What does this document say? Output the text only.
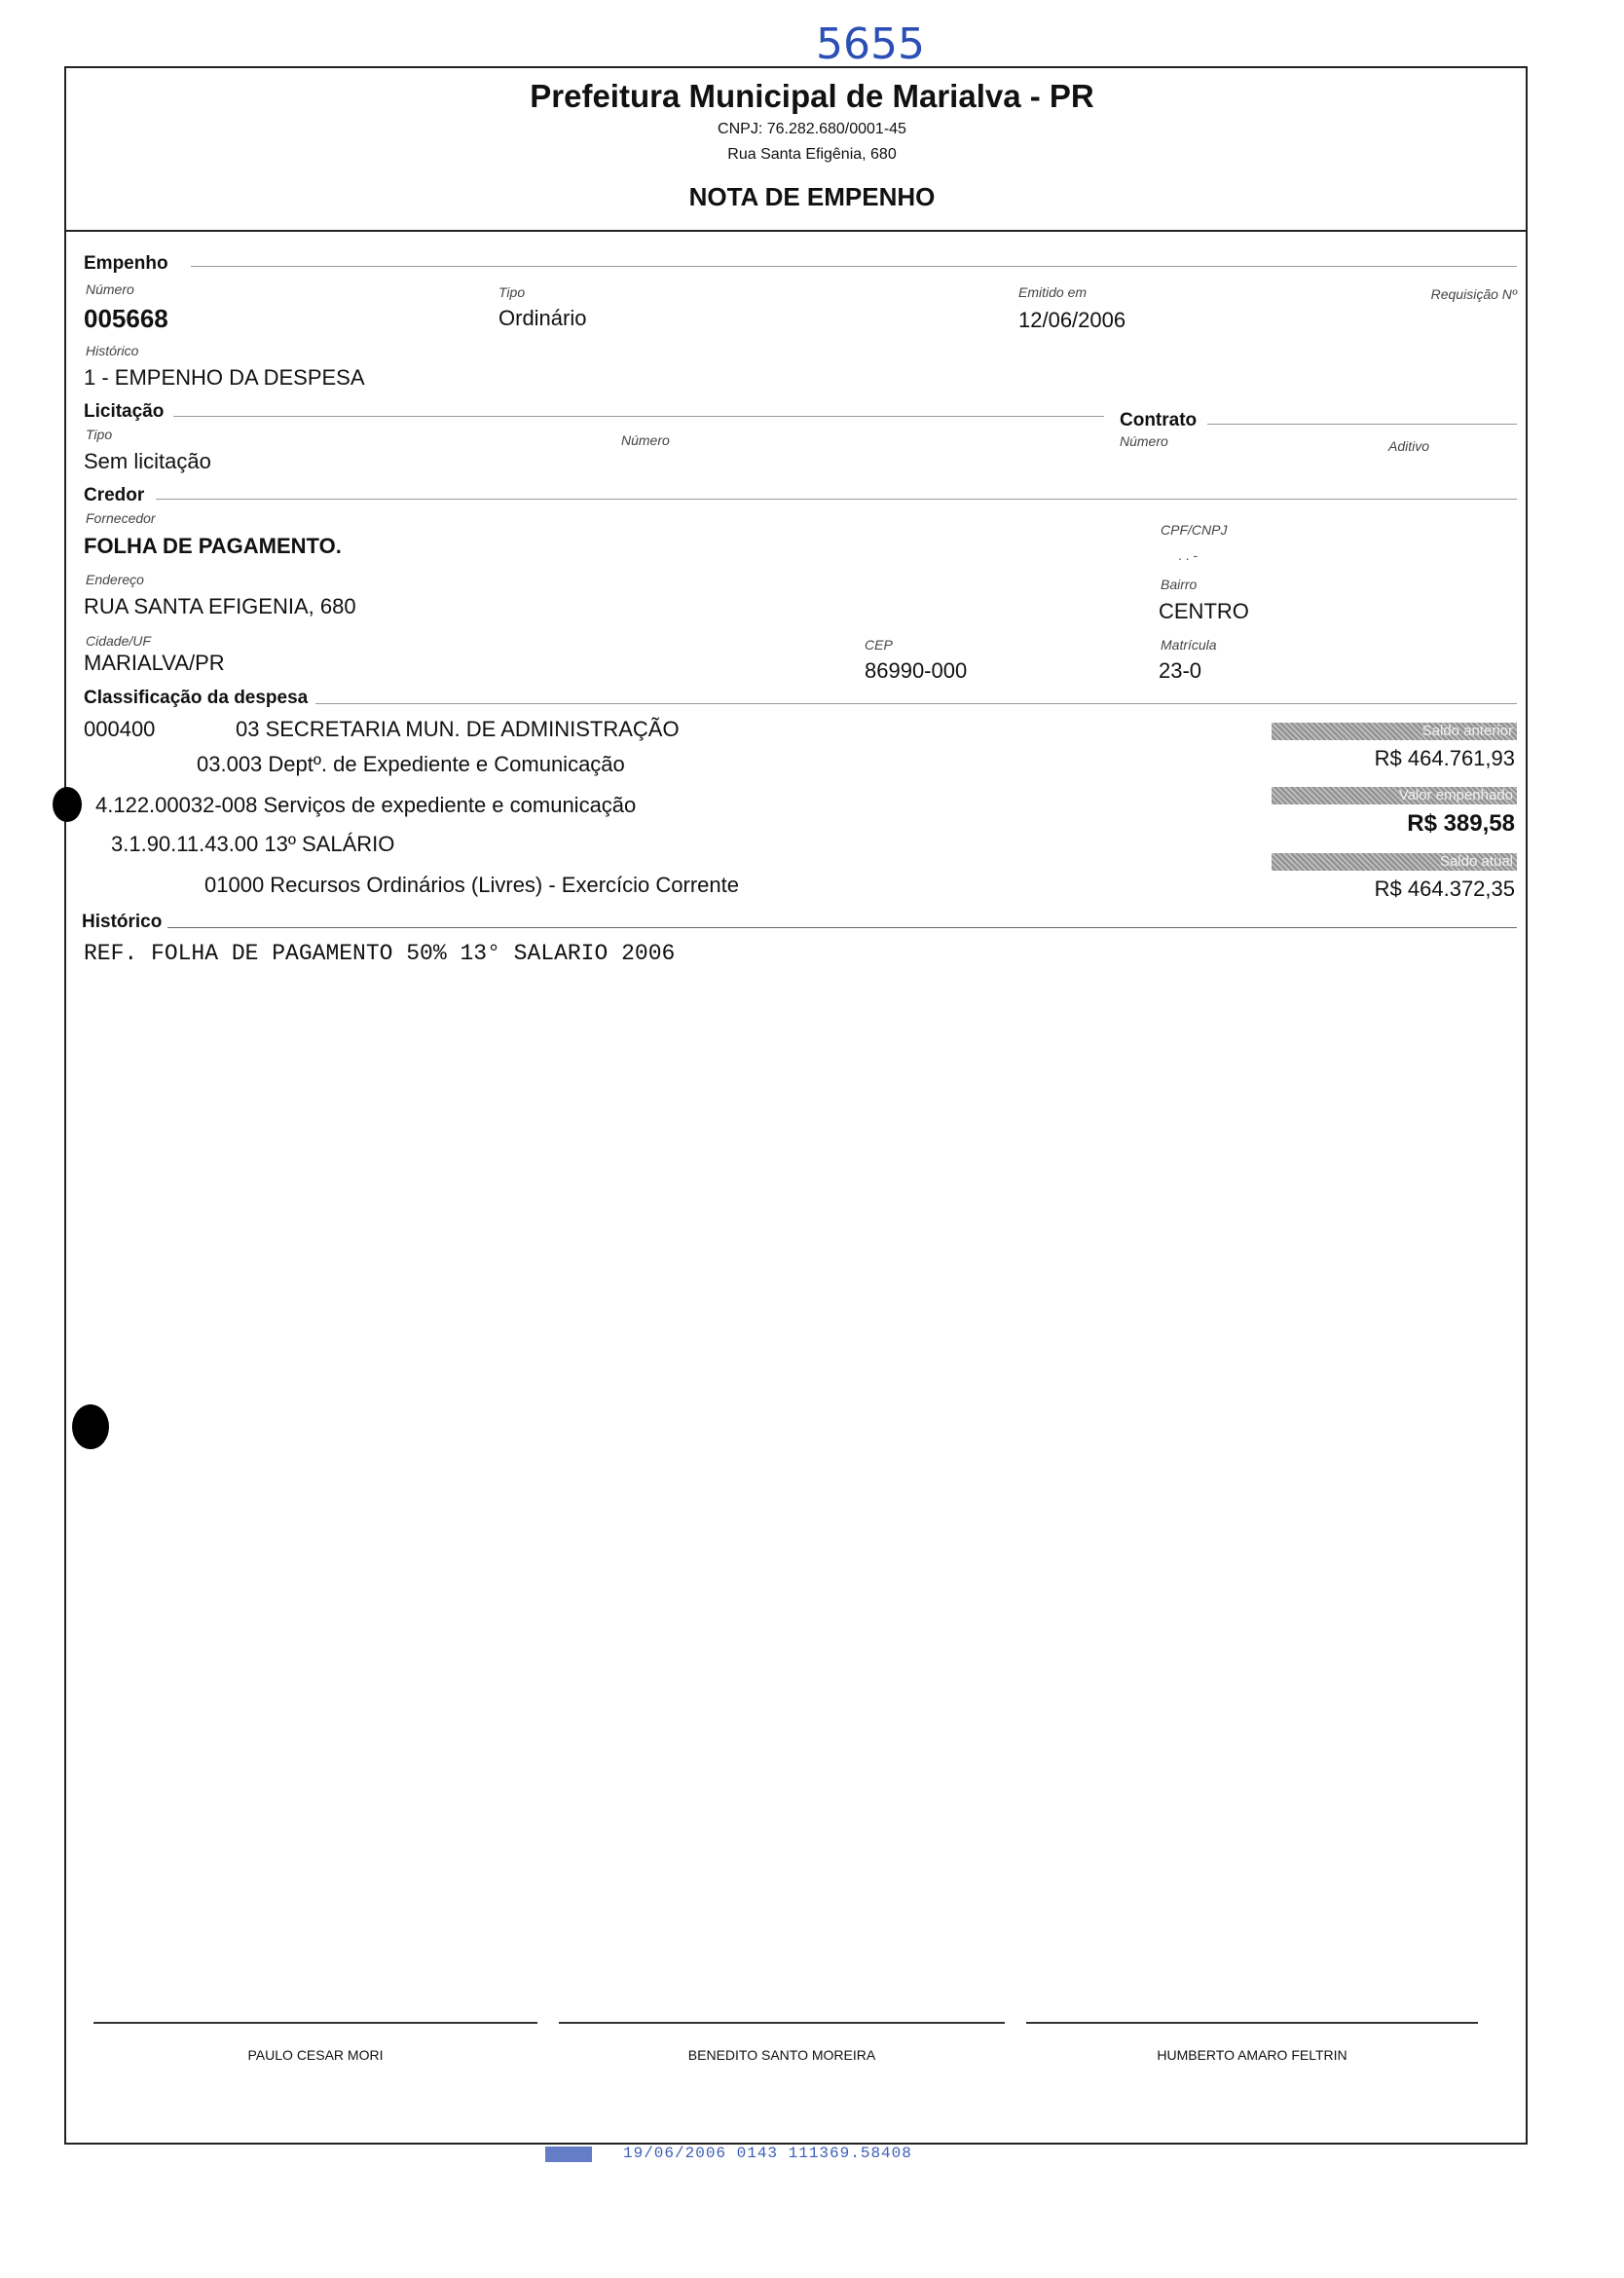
5655
Prefeitura Municipal de Marialva - PR
CNPJ: 76.282.680/0001-45
Rua Santa Efigênia, 680
NOTA DE EMPENHO
Empenho
Número
005668
Tipo
Ordinário
Emitido em
12/06/2006
Requisição Nº
Histórico
1 - EMPENHO DA DESPESA
Licitação
Tipo
Sem licitação
Número
Contrato
Número	Aditivo
Credor
Fornecedor
FOLHA DE PAGAMENTO.
CPF/CNPJ
. . -
Endereço
RUA SANTA EFIGENIA, 680
Bairro
CENTRO
Cidade/UF
MARIALVA/PR
CEP
86990-000
Matrícula
23-0
Classificação da despesa
000400	03 SECRETARIA MUN. DE ADMINISTRAÇÃO
03.003 Deptº. de Expediente e Comunicação
4.122.00032-008 Serviços de expediente e comunicação
3.1.90.11.43.00 13º SALÁRIO
01000 Recursos Ordinários (Livres) - Exercício Corrente
Saldo anterior
R$ 464.761,93
Valor empenhado
R$ 389,58
Saldo atual
R$ 464.372,35
Histórico
REF. FOLHA DE PAGAMENTO 50% 13° SALARIO 2006
PAULO CESAR MORI	BENEDITO SANTO MOREIRA	HUMBERTO AMARO FELTRIN
19/06/2006 0143 111369.58408
